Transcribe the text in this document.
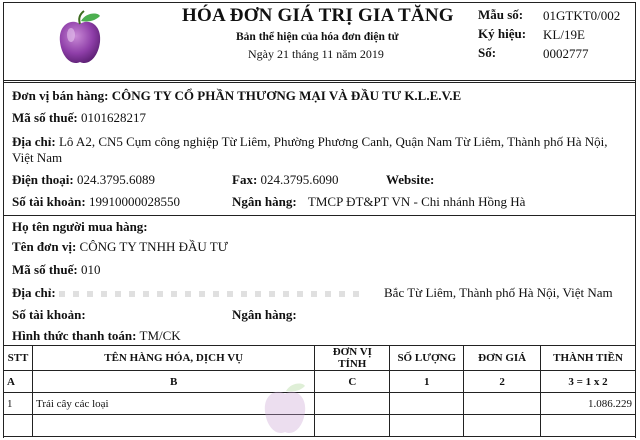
HÓA ĐƠN GIÁ TRỊ GIA TĂNG
Bản thể hiện của hóa đơn điện tử
Ngày 21 tháng 11 năm 2019
Mẫu số: 01GTKT0/002
Ký hiệu: KL/19E
Số:	0002777
Đơn vị bán hàng: CÔNG TY CỔ PHẦN THƯƠNG MẠI VÀ ĐẦU TƯ K.L.E.V.E
Mã số thuế: 0101628217
Địa chỉ: Lô A2, CN5 Cụm công nghiệp Từ Liêm, Phường Phương Canh, Quận Nam Từ Liêm, Thành phố Hà Nội, Việt Nam
Điện thoại: 024.3795.6089	Fax: 024.3795.6090	Website:
Số tài khoản: 19910000028550	Ngân hàng: TMCP ĐT&PT VN - Chi nhánh Hồng Hà
Họ tên người mua hàng:
Tên đơn vị: CÔNG TY TNHH ĐẦU TƯ
Mã số thuế: 010
Địa chỉ:	Bắc Từ Liêm, Thành phố Hà Nội, Việt Nam
Số tài khoản:	Ngân hàng:
Hình thức thanh toán: TM/CK
STT	TÊN HÀNG HÓA, DỊCH VỤ	ĐƠN VỊ TÍNH	SỐ LƯỢNG	ĐƠN GIÁ	THÀNH TIỀN
A	B	C	1	2	3 = 1 x 2
1	Trái cây các loại				1.086.229
